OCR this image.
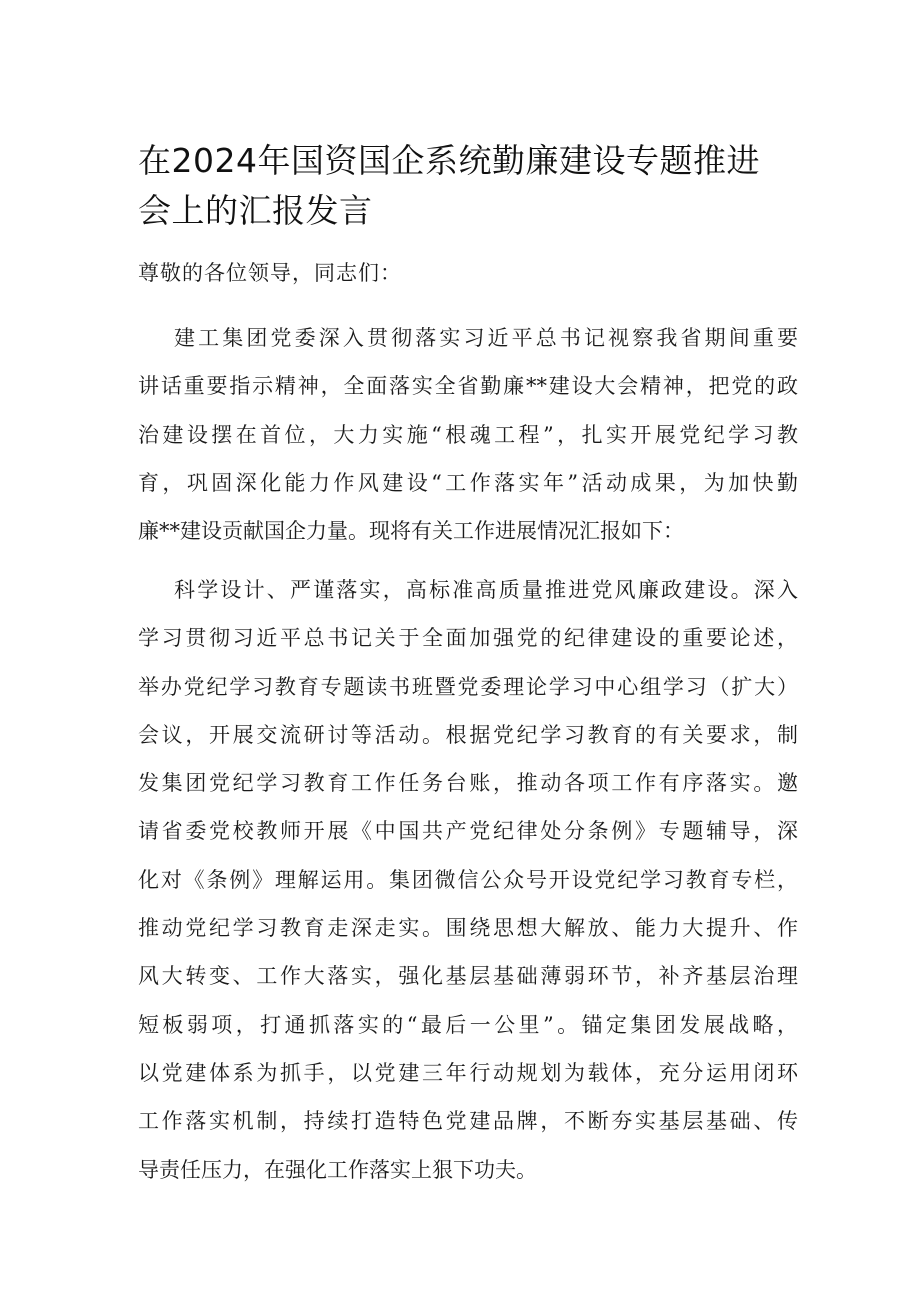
在2024年国资国企系统勤廉建设专题推进
会上的汇报发言

尊敬的各位领导，同志们：

建工集团党委深入贯彻落实习近平总书记视察我省期间重要
讲话重要指示精神，全面落实全省勤廉**建设大会精神，把党的政
治建设摆在首位，大力实施“根魂工程”，扎实开展党纪学习教
育，巩固深化能力作风建设“工作落实年”活动成果，为加快勤
廉**建设贡献国企力量。现将有关工作进展情况汇报如下：
科学设计、严谨落实，高标准高质量推进党风廉政建设。深入
学习贯彻习近平总书记关于全面加强党的纪律建设的重要论述，
举办党纪学习教育专题读书班暨党委理论学习中心组学习（扩大）
会议，开展交流研讨等活动。根据党纪学习教育的有关要求，制
发集团党纪学习教育工作任务台账，推动各项工作有序落实。邀
请省委党校教师开展《中国共产党纪律处分条例》专题辅导，深
化对《条例》理解运用。集团微信公众号开设党纪学习教育专栏，
推动党纪学习教育走深走实。围绕思想大解放、能力大提升、作
风大转变、工作大落实，强化基层基础薄弱环节，补齐基层治理
短板弱项，打通抓落实的“最后一公里”。锚定集团发展战略，
以党建体系为抓手，以党建三年行动规划为载体，充分运用闭环
工作落实机制，持续打造特色党建品牌，不断夯实基层基础、传
导责任压力，在强化工作落实上狠下功夫。
